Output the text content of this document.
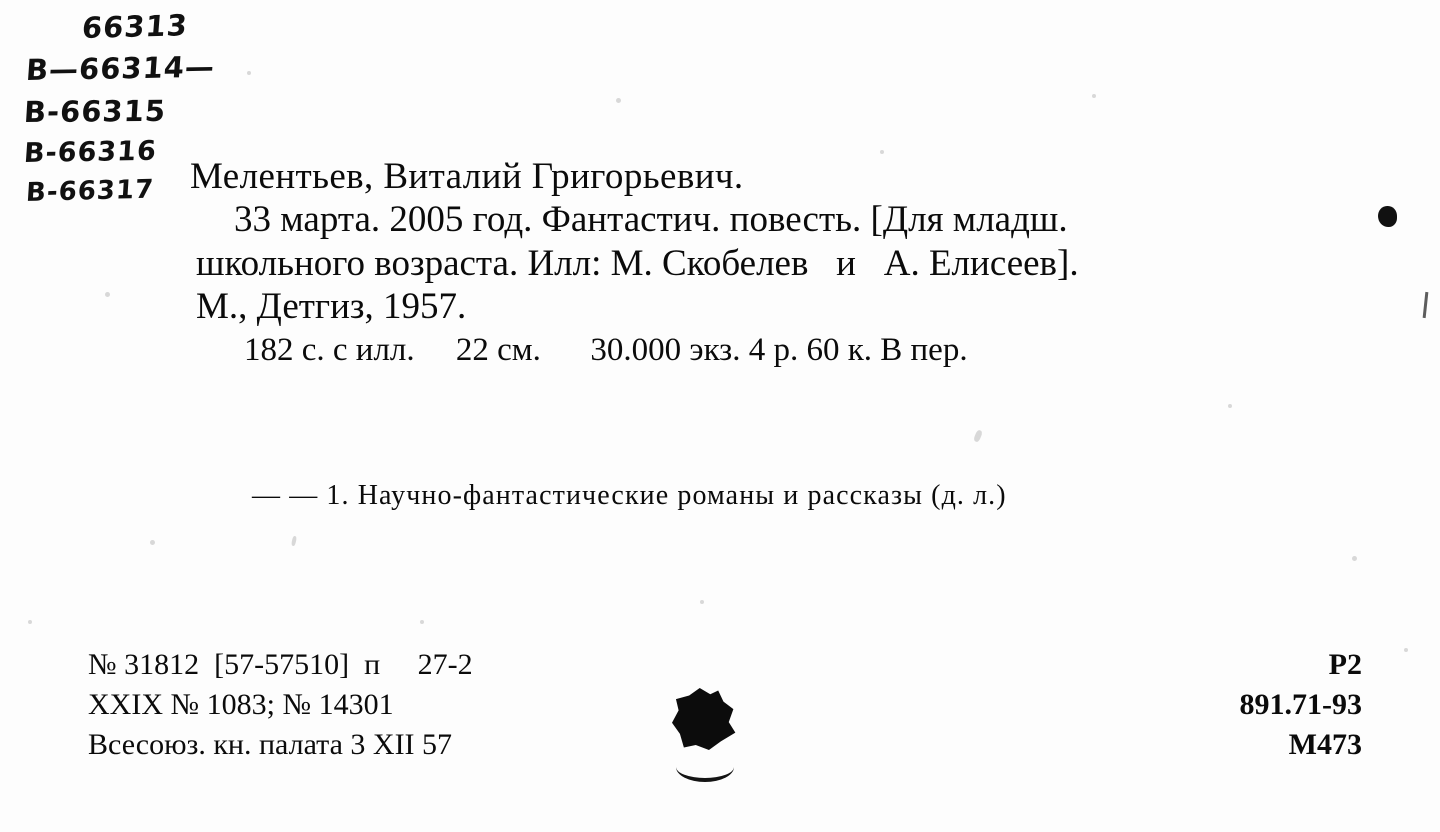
66313
B—66314—
B-66315
B-66316
B-66317 Мелентьев, Виталий Григорьевич.
33 марта. 2005 год. Фантастич. повесть. [Для младш.
школьного возраста. Илл: М. Скобелев   и   А. Елисеев].
М., Детгиз, 1957.
182 с. с илл.     22 см.      30.000 экз. 4 р. 60 к. В пер.
— — 1. Научно-фантастические романы и рассказы (д. л.)
№ 31812  [57-57510]  п     27-2
XXIX № 1083; № 14301
Всесоюз. кн. палата 3 XII 57
Р2
891.71-93
М473
